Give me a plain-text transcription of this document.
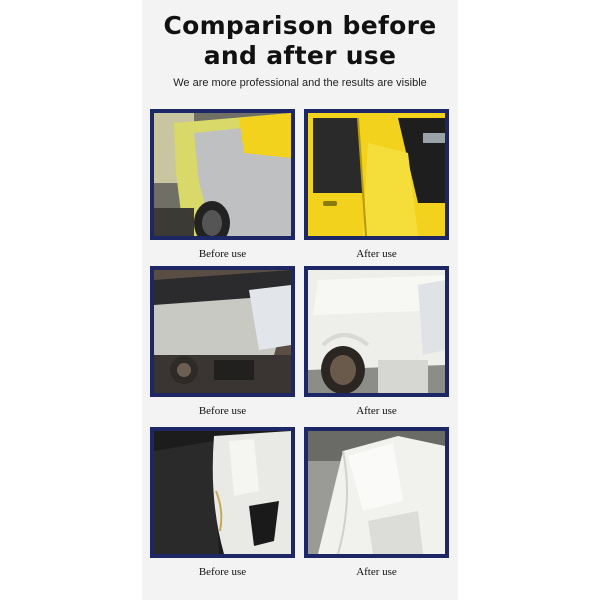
Comparison before
and after use
We are more professional and the results are visible
Before use	After use
Before use	After use
Before use	After use
